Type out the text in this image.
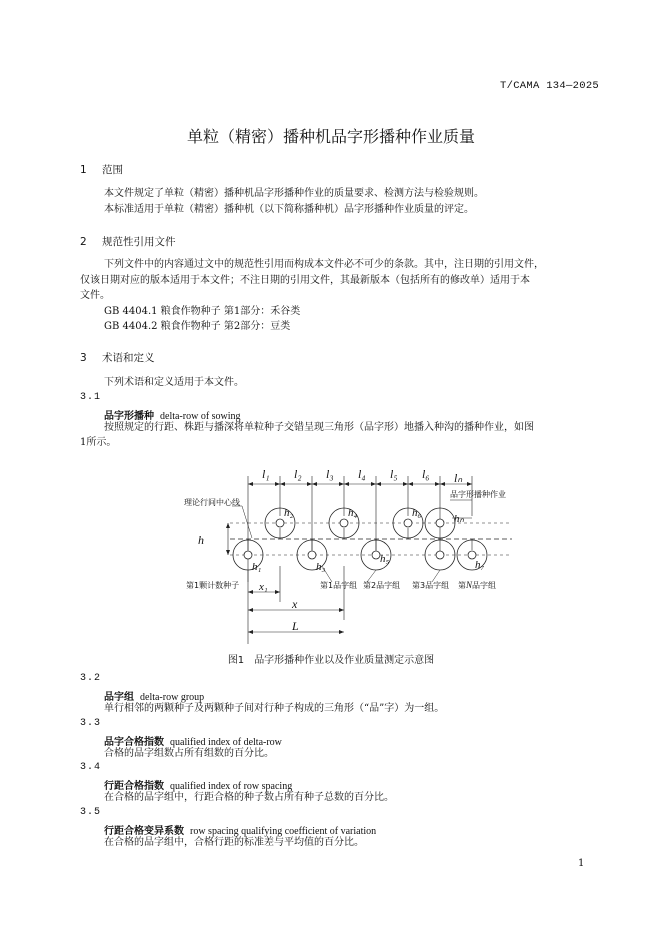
T/CAMA 134—2025
单粒（精密）播种机品字形播种作业质量
1 范围
本文件规定了单粒（精密）播种机品字形播种作业的质量要求、检测方法与检验规则。
本标准适用于单粒（精密）播种机（以下简称播种机）品字形播种作业质量的评定。
2 规范性引用文件
下列文件中的内容通过文中的规范性引用而构成本文件必不可少的条款。其中，注日期的引用文件，
仅该日期对应的版本适用于本文件；不注日期的引用文件，其最新版本（包括所有的修改单）适用于本
文件。
GB 4404.1 粮食作物种子 第1部分：禾谷类
GB 4404.2 粮食作物种子 第2部分：豆类
3 术语和定义
下列术语和定义适用于本文件。
3.1
品字形播种 delta-row of sowing
按照规定的行距、株距与播深将单粒种子交错呈现三角形（品字形）地播入种沟的播种作业，如图
1所示。
l₁ l₂ l₃ l₄ l₅ l₆ lₙ
h
h₁
h₂
h₃
h₄
h₅
h₆
h₇
hₙ
x₁
x
L
理论行间中心线
品字形播种作业
第1颗计数种子	第1品字组 第2品字组 第3品字组 第N品字组
图1 品字形播种作业以及作业质量测定示意图
3.2
品字组 delta-row group
单行相邻的两颗种子及两颗种子间对行种子构成的三角形（“品”字）为一组。
3.3
品字合格指数 qualified index of delta-row
合格的品字组数占所有组数的百分比。
3.4
行距合格指数 qualified index of row spacing
在合格的品字组中，行距合格的种子数占所有种子总数的百分比。
3.5
行距合格变异系数 row spacing qualifying coefficient of variation
在合格的品字组中，合格行距的标准差与平均值的百分比。
1
